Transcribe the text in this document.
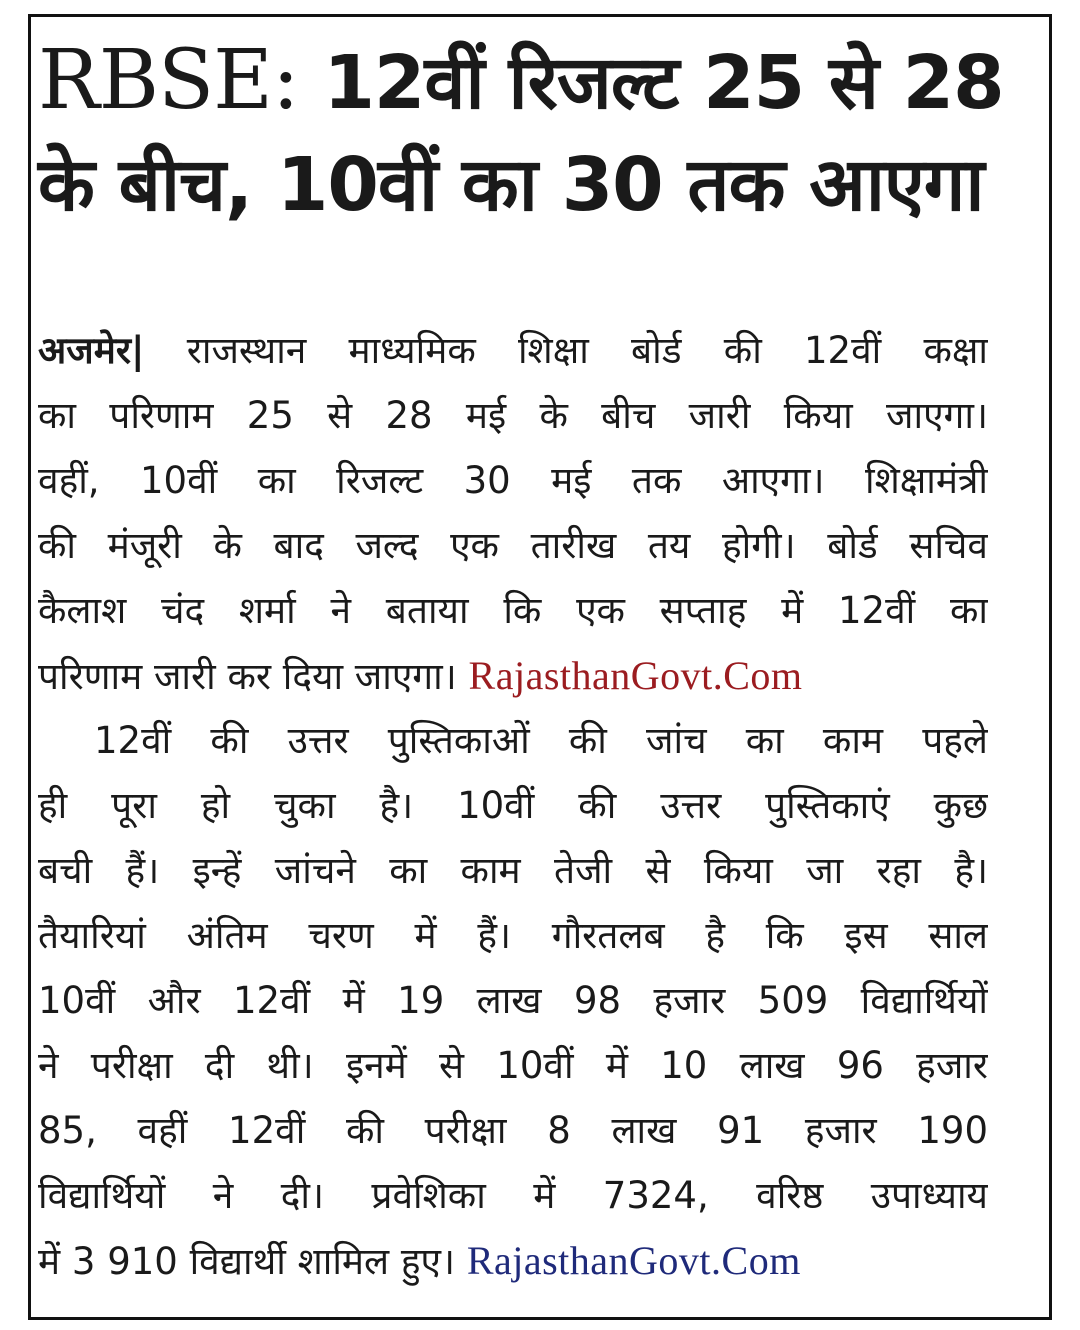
RBSE: 12वीं रिजल्ट 25 से 28
के बीच, 10वीं का 30 तक आएगा
अजमेर| राजस्थान माध्यमिक शिक्षा बोर्ड की 12वीं कक्षा
का परिणाम 25 से 28 मई के बीच जारी किया जाएगा।
वहीं, 10वीं का रिजल्ट 30 मई तक आएगा। शिक्षामंत्री
की मंजूरी के बाद जल्द एक तारीख तय होगी। बोर्ड सचिव
कैलाश चंद शर्मा ने बताया कि एक सप्ताह में 12वीं का
परिणाम जारी कर दिया जाएगा। RajasthanGovt.Com
12वीं की उत्तर पुस्तिकाओं की जांच का काम पहले
ही पूरा हो चुका है। 10वीं की उत्तर पुस्तिकाएं कुछ
बची हैं। इन्हें जांचने का काम तेजी से किया जा रहा है।
तैयारियां अंतिम चरण में हैं। गौरतलब है कि इस साल
10वीं और 12वीं में 19 लाख 98 हजार 509 विद्यार्थियों
ने परीक्षा दी थी। इनमें से 10वीं में 10 लाख 96 हजार
85, वहीं 12वीं की परीक्षा 8 लाख 91 हजार 190
विद्यार्थियों ने दी। प्रवेशिका में 7324, वरिष्ठ उपाध्याय
में 3 910 विद्यार्थी शामिल हुए। RajasthanGovt.Com
